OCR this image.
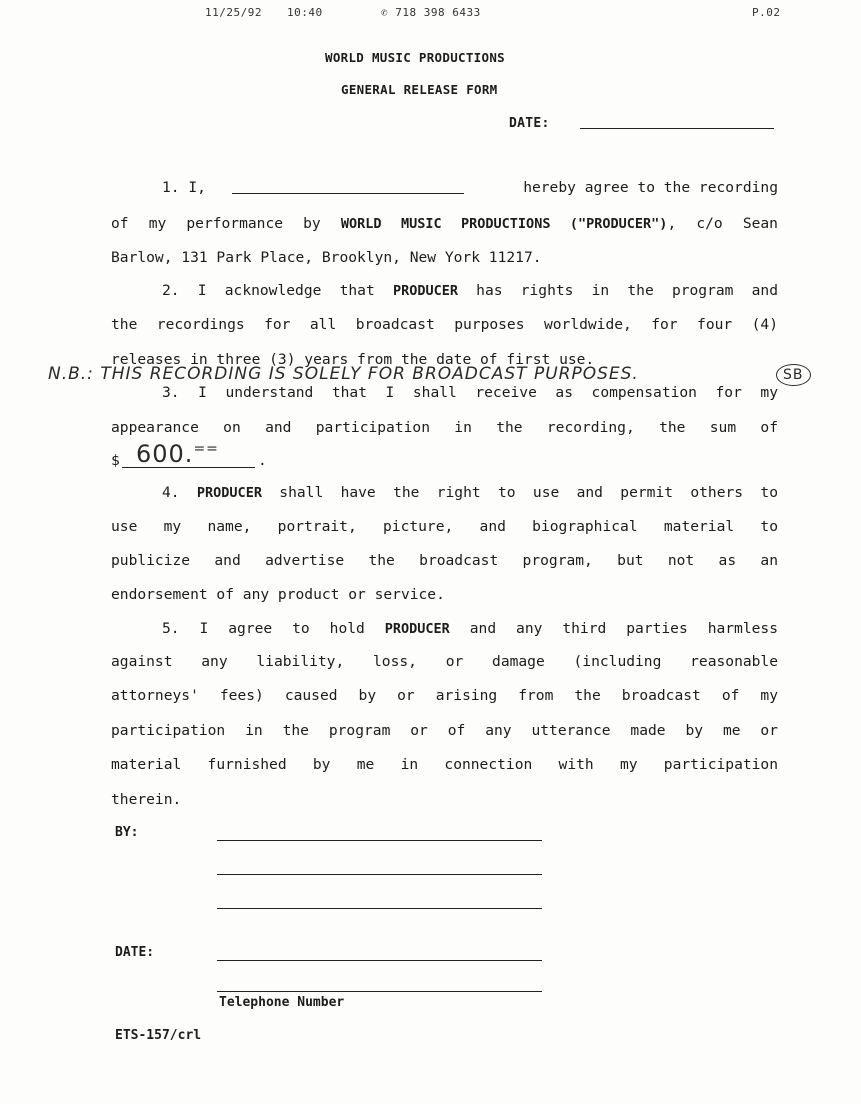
11/25/92 10:40	✆ 718 398 6433	P.02
WORLD MUSIC PRODUCTIONS
GENERAL RELEASE FORM
DATE:
1. I,	hereby agree to the recording
of my performance by WORLD MUSIC PRODUCTIONS ("PRODUCER"), c/o Sean
Barlow, 131 Park Place, Brooklyn, New York 11217.
2. I acknowledge that PRODUCER has rights in the program and
the recordings for all broadcast purposes worldwide, for four (4)
releases in three (3) years from the date of first use.
N.B.: THIS RECORDING IS SOLELY FOR BROADCAST PURPOSES.	SB
3. I understand that I shall receive as compensation for my
appearance on and participation in the recording, the sum of
$ 600.==
.
4. PRODUCER shall have the right to use and permit others to
use my name, portrait, picture, and biographical material to
publicize and advertise the broadcast program, but not as an
endorsement of any product or service.
5. I agree to hold PRODUCER and any third parties harmless
against any liability, loss, or damage (including reasonable
attorneys' fees) caused by or arising from the broadcast of my
participation in the program or of any utterance made by me or
material furnished by me in connection with my participation
therein.
BY:
DATE:
Telephone Number
ETS-157/crl
